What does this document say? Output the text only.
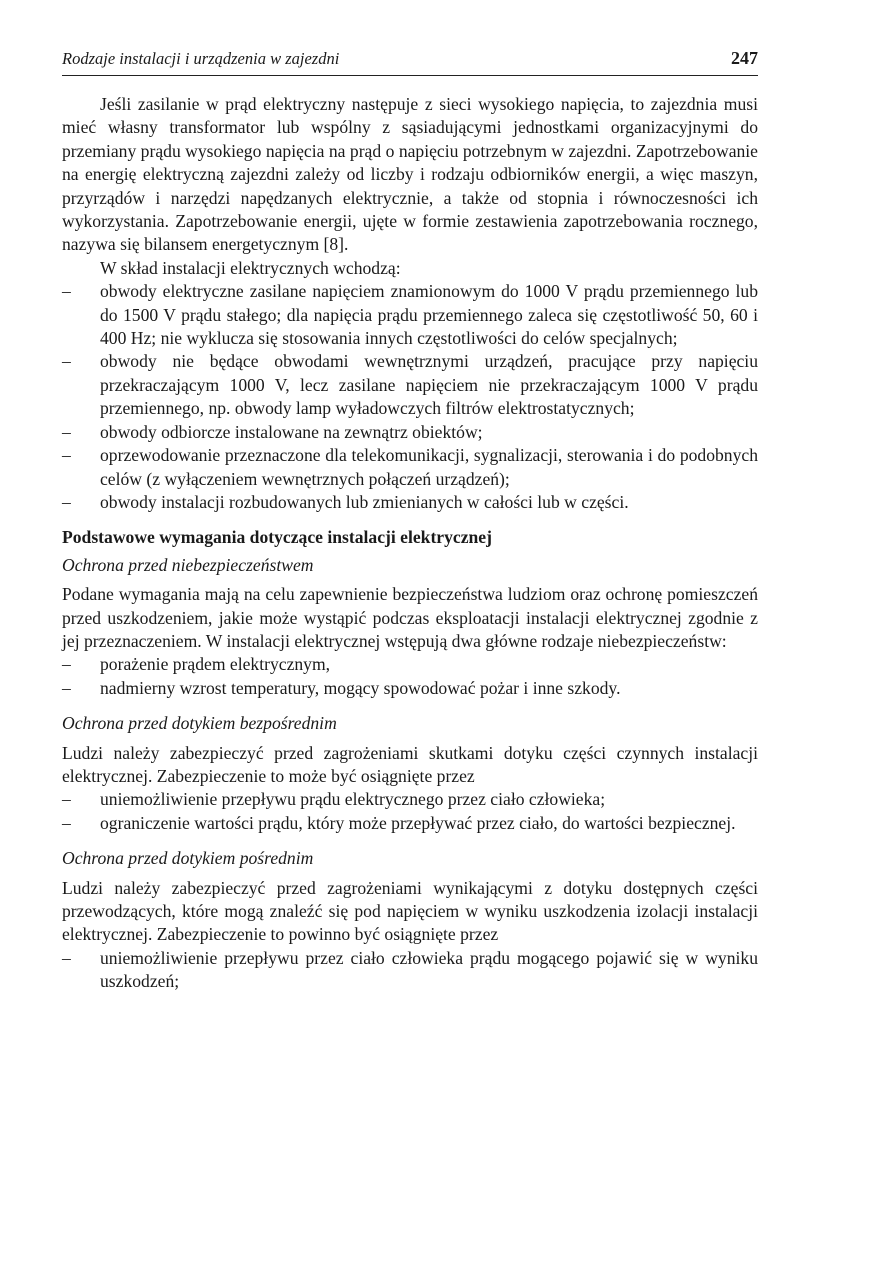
Rodzaje instalacji i urządzenia w zajezdni	247

Jeśli zasilanie w prąd elektryczny następuje z sieci wysokiego napięcia, to zajezdnia musi mieć własny transformator lub wspólny z sąsiadującymi jednostkami organizacyjnymi do przemiany prądu wysokiego napięcia na prąd o napięciu potrzebnym w zajezdni. Zapotrzebowanie na energię elektryczną zajezdni zależy od liczby i rodzaju odbiorników energii, a więc maszyn, przyrządów i narzędzi napędzanych elektrycznie, a także od stopnia i równoczesności ich wykorzystania. Zapotrzebowanie energii, ujęte w formie zestawienia zapotrzebowania rocznego, nazywa się bilansem energetycznym [8].

W skład instalacji elektrycznych wchodzą:

– obwody elektryczne zasilane napięciem znamionowym do 1000 V prądu przemiennego lub do 1500 V prądu stałego; dla napięcia prądu przemiennego zaleca się częstotliwość 50, 60 i 400 Hz; nie wyklucza się stosowania innych częstotliwości do celów specjalnych;
– obwody nie będące obwodami wewnętrznymi urządzeń, pracujące przy napięciu przekraczającym 1000 V, lecz zasilane napięciem nie przekraczającym 1000 V prądu przemiennego, np. obwody lamp wyładowczych filtrów elektrostatycznych;
– obwody odbiorcze instalowane na zewnątrz obiektów;
– oprzewodowanie przeznaczone dla telekomunikacji, sygnalizacji, sterowania i do podobnych celów (z wyłączeniem wewnętrznych połączeń urządzeń);
– obwody instalacji rozbudowanych lub zmienianych w całości lub w części.
Podstawowe wymagania dotyczące instalacji elektrycznej
Ochrona przed niebezpieczeństwem

Podane wymagania mają na celu zapewnienie bezpieczeństwa ludziom oraz ochronę pomieszczeń przed uszkodzeniem, jakie może wystąpić podczas eksploatacji instalacji elektrycznej zgodnie z jej przeznaczeniem. W instalacji elektrycznej wstępują dwa główne rodzaje niebezpieczeństw:

– porażenie prądem elektrycznym,
– nadmierny wzrost temperatury, mogący spowodować pożar i inne szkody.
Ochrona przed dotykiem bezpośrednim

Ludzi należy zabezpieczyć przed zagrożeniami skutkami dotyku części czynnych instalacji elektrycznej. Zabezpieczenie to może być osiągnięte przez

– uniemożliwienie przepływu prądu elektrycznego przez ciało człowieka;
– ograniczenie wartości prądu, który może przepływać przez ciało, do wartości bezpiecznej.
Ochrona przed dotykiem pośrednim

Ludzi należy zabezpieczyć przed zagrożeniami wynikającymi z dotyku dostępnych części przewodzących, które mogą znaleźć się pod napięciem w wyniku uszkodzenia izolacji instalacji elektrycznej. Zabezpieczenie to powinno być osiągnięte przez

– uniemożliwienie przepływu przez ciało człowieka prądu mogącego pojawić się w wyniku uszkodzeń;
